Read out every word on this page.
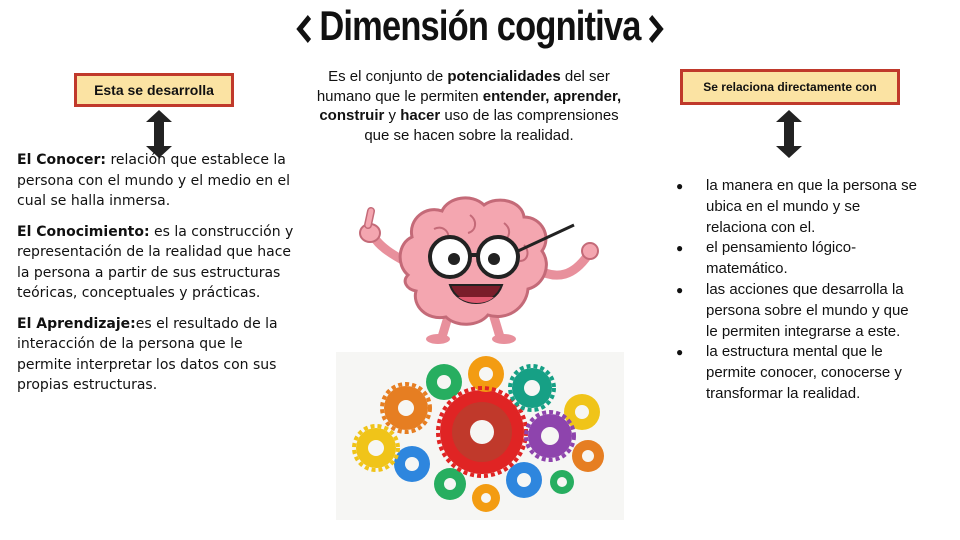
Dimensión cognitiva
Esta se desarrolla	Se relaciona directamente con
Es el conjunto de potencialidades del ser humano que le permiten entender, aprender, construir y hacer uso de las comprensiones que se hacen sobre la realidad.

El Conocer: relación que establece la persona con el mundo y el medio en el cual se halla inmersa.

El Conocimiento: es la construcción y representación de la realidad que hace la persona a partir de sus estructuras teóricas, conceptuales y prácticas.

El Aprendizaje:es el resultado de la interacción de la persona que le permite interpretar los datos con sus propias estructuras.

● la manera en que la persona se ubica en el mundo y se relaciona con el.
● el pensamiento lógico-matemático.
● las acciones que desarrolla la persona sobre el mundo y que le permiten integrarse a este.
● la estructura mental que le permite conocer, conocerse y transformar la realidad.
